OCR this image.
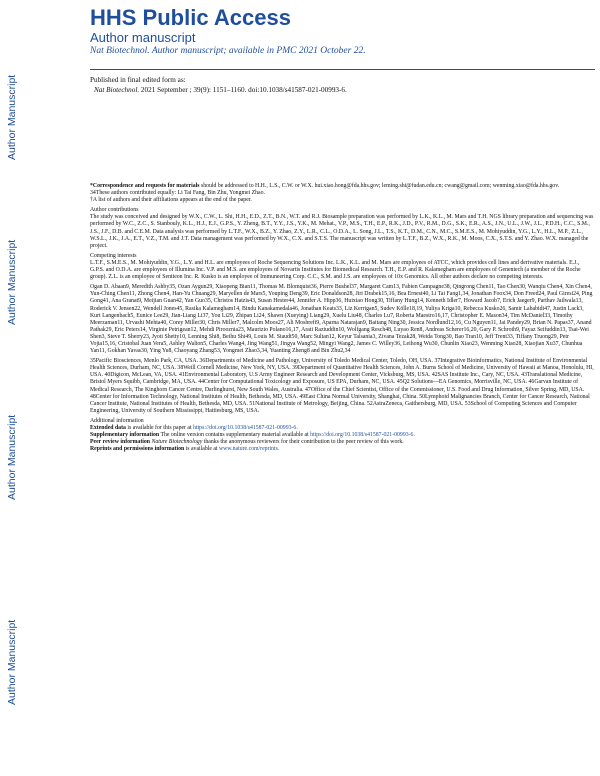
Author Manuscript
Author Manuscript
Author Manuscript
Author Manuscript
HHS Public Access
Author manuscript
Nat Biotechnol. Author manuscript; available in PMC 2021 October 22.
Published in final edited form as:
Nat Biotechnol. 2021 September ; 39(9): 1151–1160. doi:10.1038/s41587-021-00993-6.
*Correspondence and requests for materials should be addressed to H.H., L.S., C.W. or W.X. hui.xiao.hong@fda.hhs.gov; leming.shi@fudan.edu.cn; cwang@gmail.com; wenming.xiao@fda.hhs.gov.
34These authors contributed equally: Li Tai Fang, Bin Zhu, Yongmei Zhao.
†A list of authors and their affiliations appears at the end of the paper.
Author contributions
The study was conceived and designed by W.X., C.W., L. Shi, H.H., E.D., Z.T., B.N., W.T. and R.J. Biosample preparation was performed by L.K., K.L., M. Mars and T.H. NGS library preparation and sequencing was performed by W.C., Z.C., S. Stanbouly, K.L., H.J., E.J., G.P.S., Y. Zheng, B.T., Y.Y., J.S., Y.K., M. Mehat., V.P., M.S., T.H., E.P., R.K., J.D., P.V., R.M., D.G., S.K., E.R., A.S., J.N., U.L., J.W., J.L., P.D.H., C.C., S.M., J.S., J.F., D.B. and C.E.M. Data analysis was performed by L.T.F., W.X., B.Z., Y. Zhao, Z.Y., L.R., C.L., O.D.A., L. Song, J.L., T.S., K.T., D.M., C.N., M.C., S.M.E.S., M. Mohiyuddin, Y.G., L.Y., H.L., M.P., Z.L., W.S.L., J.K., J.A., E.T., V.Z., T.M. and J.T. Data management was performed by W.X., C.X. and S.T.S. The manuscript was written by L.T.F., B.Z., W.X., R.K., M. Moos, C.X., S.T.S. and Y. Zhao. W.X. managed the project.
Competing interests
L.T.F., S.M.E.S., M. Mohiyuddin, Y.G., L.Y. and H.L. are employees of Roche Sequencing Solutions Inc. L.K., K.L. and M. Mars are employees of ATCC, which provides cell lines and derivative materials. E.J., G.P.S. and O.D.A. are employees of Illumina Inc. V.P. and M.S. are employees of Novartis Institutes for Biomedical Research. T.H., E.P. and R. Kalamegham are employees of Genentech (a member of the Roche group). Z.L. is an employee of Sentieon Inc. R. Kusko is an employee of Immuneering Corp. C.C., S.M. and J.S. are employees of 10x Genomics. All other authors declare no competing interests.
Ogan D. Abaan9, Meredith Ashby35, Ozan Aygun29, Xiaopeng Bian11, Thomas M. Blomquist36, Pierre Bushel37, Margaret Cam13, Fabien Campagne38, Qingrong Chen11, Tao Chen30, Wanqiu Chen4, Xin Chen4, Yun-Ching Chen11, Zhong Chen4, Han-Yu Chuang29, Maryellen de Mars5, Youping Deng39, Eric Donaldson28, Jiri Drabek15,16, Bea Ernest40, Li Tai Fang1,34, Jonathan Foox34, Don Freed24, Paul Giresi24, Ping Gong41, Ana Granat9, Meijian Guan42, Yan Guo35, Christos Hatzis43, Susan Hester44, Jennifer A. Hipp36, Huixiao Hong30, Tiffany Hung14, Kenneth Idler7, Howard Jacob7, Erich Jaeger9, Parthav Jailwala13, Roderick V. Jensen22, Wendell Jones45, Rasika Kalamegham14, Bindu Kanakamedala46, Jonathan Keats33, Liz Kerrigan5, Sudev Kölle18,19, Yuliya Kriga10, Rebecca Kusko26, Samir Lababidi47, Justin Lack3, Kurt Langenbach5, Eunice Lee29, Jian-Liang Li37, You Li29, Zhipan Li24, Shawn (Xueying) Liang29, Xuelu Liu48, Charles Lu7, Roberta Maestro16,17, Christopher E. Mason34, Tim McDaniel33, Timothy Meerzaman11, Urvashi Mehta40, Corey Miller30, Chris Miller7, Malcolm Moos27, Ali Moshrefi9, Aparna Natarajan9, Baitang Ning30, Jessica Nordlund12,16, Cu Nguyen11, Jai Pandey29, Brian N. Papas37, Anand Pathak29, Eric Peters14, Virginie Petrigean12, Mehdi Pirooznia23, Maurizio Polano16,17, Arati Raziuddin10, Wolfgang Resch48, Luyao Ren8, Andreas Scherer16,20, Gary P. Schroth9, Fayaz Seifuddin13, Tsai-Wei Shen3, Steve T. Sherry23, Jyoti Shetty10, Lenning Shi8, Beihu Shi49, Louis M. Staudt50, Marc Sultan12, Keyur Talsania3, Zivana Tezak28, Weida Tong30, Bao Tran10, Jeff Trent33, Tiffany Truong29, Petr Vojta15,16, Cristobal Juan Vera5, Ashley Walton5, Charles Wang4, Jing Wang51, Jingya Wang52, Mingyi Wang2, James C. Willey36, Leihong Wu30, Chunlin Xiao23, Wenming Xiao28, Xiaojian Xu37, Chunhua Yan11, Gokhan Yavas30, Ying Yu8, Chaoyang Zhang53, Yongmei Zhao3,34, Yuanting Zheng8 and Bin Zhu2,34
35Pacific Biosciences, Menlo Park, CA, USA. 36Departments of Medicine and Pathology, University of Toledo Medical Center, Toledo, OH, USA. 37Integrative Bioinformatics, National Institute of Environmental Health Sciences, Durham, NC, USA. 38Weill Cornell Medicine, New York, NY, USA. 39Department of Quantitative Health Sciences, John A. Burns School of Medicine, University of Hawaii at Manoa, Honolulu, HI, USA. 40Digicon, McLean, VA, USA. 41Environmental Laboratory, U.S Army Engineer Research and Development Center, Vicksburg, MS, USA. 42SAS Institute Inc., Cary, NC, USA. 43Translational Medicine, Bristol Myers Squibb, Cambridge, MA, USA. 44Center for Computational Toxicology and Exposure, US EPA, Durham, NC, USA. 45Q2 Solutions—EA Genomics, Morrisville, NC, USA. 46Garvan Institute of Medical Research, The Kinghorn Cancer Centre, Darlinghurst, New South Wales, Australia. 47Office of the Chief Scientist, Office of the Commissioner, U.S. Food and Drug Information, Silver Spring, MD, USA. 48Center for Information Technology, National Institutes of Health, Bethesda, MD, USA. 49East China Normal University, Shanghai, China. 50Lymphoid Malignancies Branch, Center for Cancer Research, National Cancer Institute, National Institutes of Health, Bethesda, MD, USA. 51National Institute of Metrology, Beijing, China. 52AstraZeneca, Gaithersburg, MD, USA. 53School of Computing Sciences and Computer Engineering, University of Southern Mississippi, Hattiesburg, MS, USA.
Additional information
Extended data is available for this paper at https://doi.org/10.1038/s41587-021-00993-6.
Supplementary information The online version contains supplementary material available at https://doi.org/10.1038/s41587-021-00993-6.
Peer review information Nature Biotechnology thanks the anonymous reviewers for their contribution to the peer review of this work.
Reprints and permissions information is available at www.nature.com/reprints.
